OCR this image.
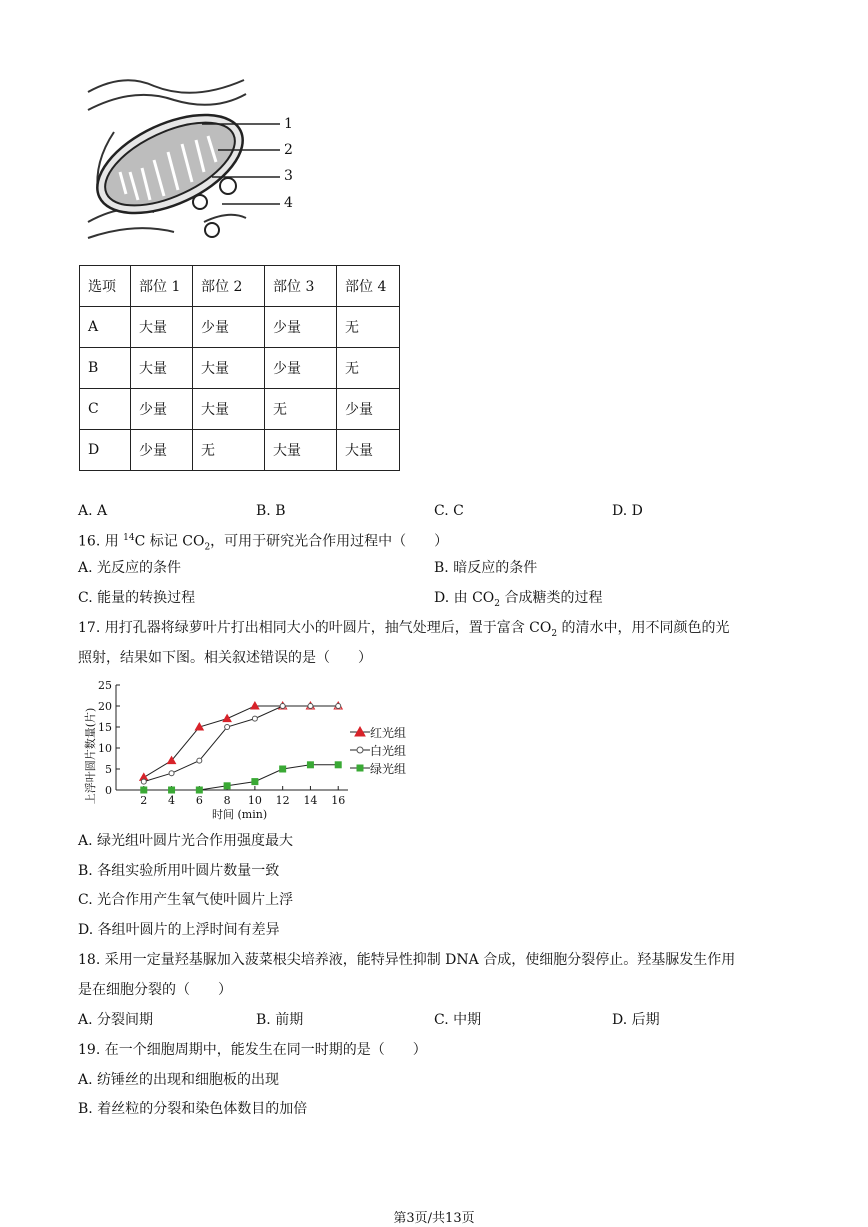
1
2
3
4
选项	部位 1	部位 2	部位 3	部位 4
A	大量	少量	少量	无
B	大量	大量	少量	无
C	少量	大量	无	少量
D	少量	无	大量	大量
A. A	B. B	C. C	D. D
16. 用 $^{14}$C 标记 $CO_2$，可用于研究光合作用过程中（　　）
A. 光反应的条件	B. 暗反应的条件
C. 能量的转换过程	D. 由 $CO_2$ 合成糖类的过程
17. 用打孔器将绿萝叶片打出相同大小的叶圆片，抽气处理后，置于富含 $CO_2$ 的清水中，用不同颜色的光
照射，结果如下图。相关叙述错误的是（　　）
0
5
10
15
20
25
2 4 6 8 10 12 14 16
上浮叶圆片数量(片)
时间 (min)
红光组
白光组
绿光组
A. 绿光组叶圆片光合作用强度最大
B. 各组实验所用叶圆片数量一致
C. 光合作用产生氧气使叶圆片上浮
D. 各组叶圆片的上浮时间有差异
18. 采用一定量羟基脲加入菠菜根尖培养液，能特异性抑制 DNA 合成，使细胞分裂停止。羟基脲发生作用
是在细胞分裂的（　　）
A. 分裂间期	B. 前期	C. 中期	D. 后期
19. 在一个细胞周期中，能发生在同一时期的是（　　）
A. 纺锤丝的出现和细胞板的出现
B. 着丝粒的分裂和染色体数目的加倍
第3页/共13页
